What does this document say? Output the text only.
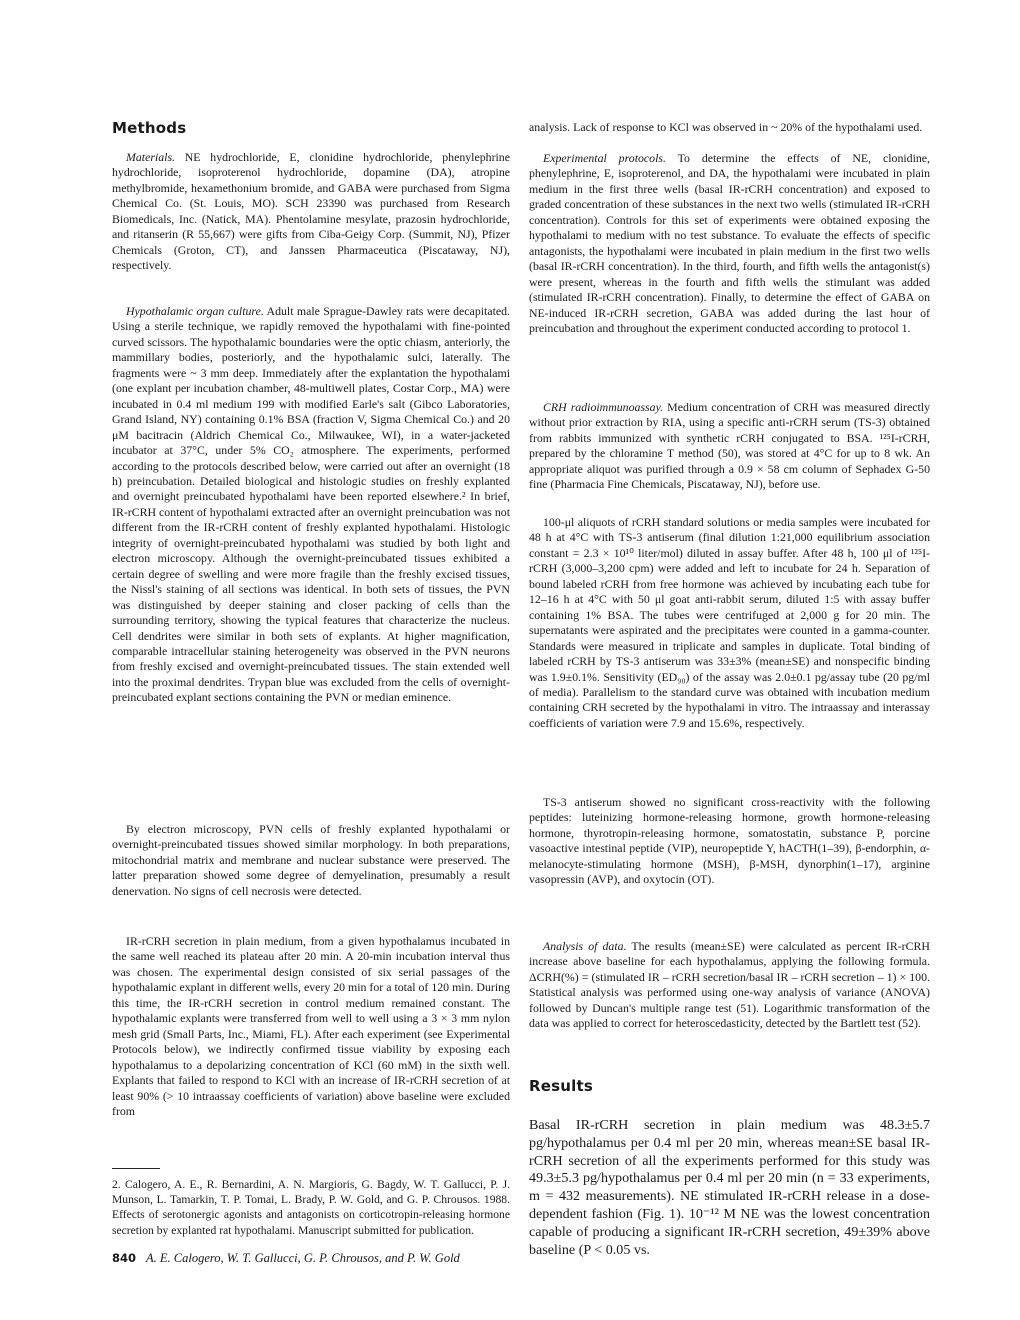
Methods

Materials. NE hydrochloride, E, clonidine hydrochloride, phenylephrine hydrochloride, isoproterenol hydrochloride, dopamine (DA), atropine methylbromide, hexamethonium bromide, and GABA were purchased from Sigma Chemical Co. (St. Louis, MO). SCH 23390 was purchased from Research Biomedicals, Inc. (Natick, MA). Phentolamine mesylate, prazosin hydrochloride, and ritanserin (R 55,667) were gifts from Ciba-Geigy Corp. (Summit, NJ), Pfizer Chemicals (Groton, CT), and Janssen Pharmaceutica (Piscataway, NJ), respectively.

Hypothalamic organ culture. Adult male Sprague-Dawley rats were decapitated. Using a sterile technique, we rapidly removed the hypothalami with fine-pointed curved scissors. The hypothalamic boundaries were the optic chiasm, anteriorly, the mammillary bodies, posteriorly, and the hypothalamic sulci, laterally. The fragments were ~ 3 mm deep. Immediately after the explantation the hypothalami (one explant per incubation chamber, 48-multiwell plates, Costar Corp., MA) were incubated in 0.4 ml medium 199 with modified Earle's salt (Gibco Laboratories, Grand Island, NY) containing 0.1% BSA (fraction V, Sigma Chemical Co.) and 20 μM bacitracin (Aldrich Chemical Co., Milwaukee, WI), in a water-jacketed incubator at 37°C, under 5% CO₂ atmosphere. The experiments, performed according to the protocols described below, were carried out after an overnight (18 h) preincubation. Detailed biological and histologic studies on freshly explanted and overnight preincubated hypothalami have been reported elsewhere.² In brief, IR-rCRH content of hypothalami extracted after an overnight preincubation was not different from the IR-rCRH content of freshly explanted hypothalami. Histologic integrity of overnight-preincubated hypothalami was studied by both light and electron microscopy. Although the overnight-preincubated tissues exhibited a certain degree of swelling and were more fragile than the freshly excised tissues, the Nissl's staining of all sections was identical. In both sets of tissues, the PVN was distinguished by deeper staining and closer packing of cells than the surrounding territory, showing the typical features that characterize the nucleus. Cell dendrites were similar in both sets of explants. At higher magnification, comparable intracellular staining heterogeneity was observed in the PVN neurons from freshly excised and overnight-preincubated tissues. The stain extended well into the proximal dendrites. Trypan blue was excluded from the cells of overnight-preincubated explant sections containing the PVN or median eminence.

By electron microscopy, PVN cells of freshly explanted hypothalami or overnight-preincubated tissues showed similar morphology. In both preparations, mitochondrial matrix and membrane and nuclear substance were preserved. The latter preparation showed some degree of demyelination, presumably a result denervation. No signs of cell necrosis were detected.

IR-rCRH secretion in plain medium, from a given hypothalamus incubated in the same well reached its plateau after 20 min. A 20-min incubation interval thus was chosen. The experimental design consisted of six serial passages of the hypothalamic explant in different wells, every 20 min for a total of 120 min. During this time, the IR-rCRH secretion in control medium remained constant. The hypothalamic explants were transferred from well to well using a 3 × 3 mm nylon mesh grid (Small Parts, Inc., Miami, FL). After each experiment (see Experimental Protocols below), we indirectly confirmed tissue viability by exposing each hypothalamus to a depolarizing concentration of KCl (60 mM) in the sixth well. Explants that failed to respond to KCl with an increase of IR-rCRH secretion of at least 90% (> 10 intraassay coefficients of variation) above baseline were excluded from

2. Calogero, A. E., R. Bernardini, A. N. Margioris, G. Bagdy, W. T. Gallucci, P. J. Munson, L. Tamarkin, T. P. Tomai, L. Brady, P. W. Gold, and G. P. Chrousos. 1988. Effects of serotonergic agonists and antagonists on corticotropin-releasing hormone secretion by explanted rat hypothalami. Manuscript submitted for publication.

840 A. E. Calogero, W. T. Gallucci, G. P. Chrousos, and P. W. Gold

analysis. Lack of response to KCl was observed in ~ 20% of the hypothalami used.

Experimental protocols. To determine the effects of NE, clonidine, phenylephrine, E, isoproterenol, and DA, the hypothalami were incubated in plain medium in the first three wells (basal IR-rCRH concentration) and exposed to graded concentration of these substances in the next two wells (stimulated IR-rCRH concentration). Controls for this set of experiments were obtained exposing the hypothalami to medium with no test substance. To evaluate the effects of specific antagonists, the hypothalami were incubated in plain medium in the first two wells (basal IR-rCRH concentration). In the third, fourth, and fifth wells the antagonist(s) were present, whereas in the fourth and fifth wells the stimulant was added (stimulated IR-rCRH concentration). Finally, to determine the effect of GABA on NE-induced IR-rCRH secretion, GABA was added during the last hour of preincubation and throughout the experiment conducted according to protocol 1.

CRH radioimmunoassay. Medium concentration of CRH was measured directly without prior extraction by RIA, using a specific anti-rCRH serum (TS-3) obtained from rabbits immunized with synthetic rCRH conjugated to BSA. ¹²⁵I-rCRH, prepared by the chloramine T method (50), was stored at 4°C for up to 8 wk. An appropriate aliquot was purified through a 0.9 × 58 cm column of Sephadex G-50 fine (Pharmacia Fine Chemicals, Piscataway, NJ), before use.

100-μl aliquots of rCRH standard solutions or media samples were incubated for 48 h at 4°C with TS-3 antiserum (final dilution 1:21,000 equilibrium association constant = 2.3 × 10¹⁰ liter/mol) diluted in assay buffer. After 48 h, 100 μl of ¹²⁵I-rCRH (3,000–3,200 cpm) were added and left to incubate for 24 h. Separation of bound labeled rCRH from free hormone was achieved by incubating each tube for 12–16 h at 4°C with 50 μl goat anti-rabbit serum, diluted 1:5 with assay buffer containing 1% BSA. The tubes were centrifuged at 2,000 g for 20 min. The supernatants were aspirated and the precipitates were counted in a gamma-counter. Standards were measured in triplicate and samples in duplicate. Total binding of labeled rCRH by TS-3 antiserum was 33±3% (mean±SE) and nonspecific binding was 1.9±0.1%. Sensitivity (ED₉₀) of the assay was 2.0±0.1 pg/assay tube (20 pg/ml of media). Parallelism to the standard curve was obtained with incubation medium containing CRH secreted by the hypothalami in vitro. The intraassay and interassay coefficients of variation were 7.9 and 15.6%, respectively.

TS-3 antiserum showed no significant cross-reactivity with the following peptides: luteinizing hormone-releasing hormone, growth hormone-releasing hormone, thyrotropin-releasing hormone, somatostatin, substance P, porcine vasoactive intestinal peptide (VIP), neuropeptide Y, hACTH(1–39), β-endorphin, α-melanocyte-stimulating hormone (MSH), β-MSH, dynorphin(1–17), arginine vasopressin (AVP), and oxytocin (OT).

Analysis of data. The results (mean±SE) were calculated as percent IR-rCRH increase above baseline for each hypothalamus, applying the following formula. ΔCRH(%) = (stimulated IR – rCRH secretion/basal IR – rCRH secretion – 1) × 100. Statistical analysis was performed using one-way analysis of variance (ANOVA) followed by Duncan's multiple range test (51). Logarithmic transformation of the data was applied to correct for heteroscedasticity, detected by the Bartlett test (52).

Results

Basal IR-rCRH secretion in plain medium was 48.3±5.7 pg/hypothalamus per 0.4 ml per 20 min, whereas mean±SE basal IR-rCRH secretion of all the experiments performed for this study was 49.3±5.3 pg/hypothalamus per 0.4 ml per 20 min (n = 33 experiments, m = 432 measurements). NE stimulated IR-rCRH release in a dose-dependent fashion (Fig. 1). 10⁻¹² M NE was the lowest concentration capable of producing a significant IR-rCRH secretion, 49±39% above baseline (P < 0.05 vs.
